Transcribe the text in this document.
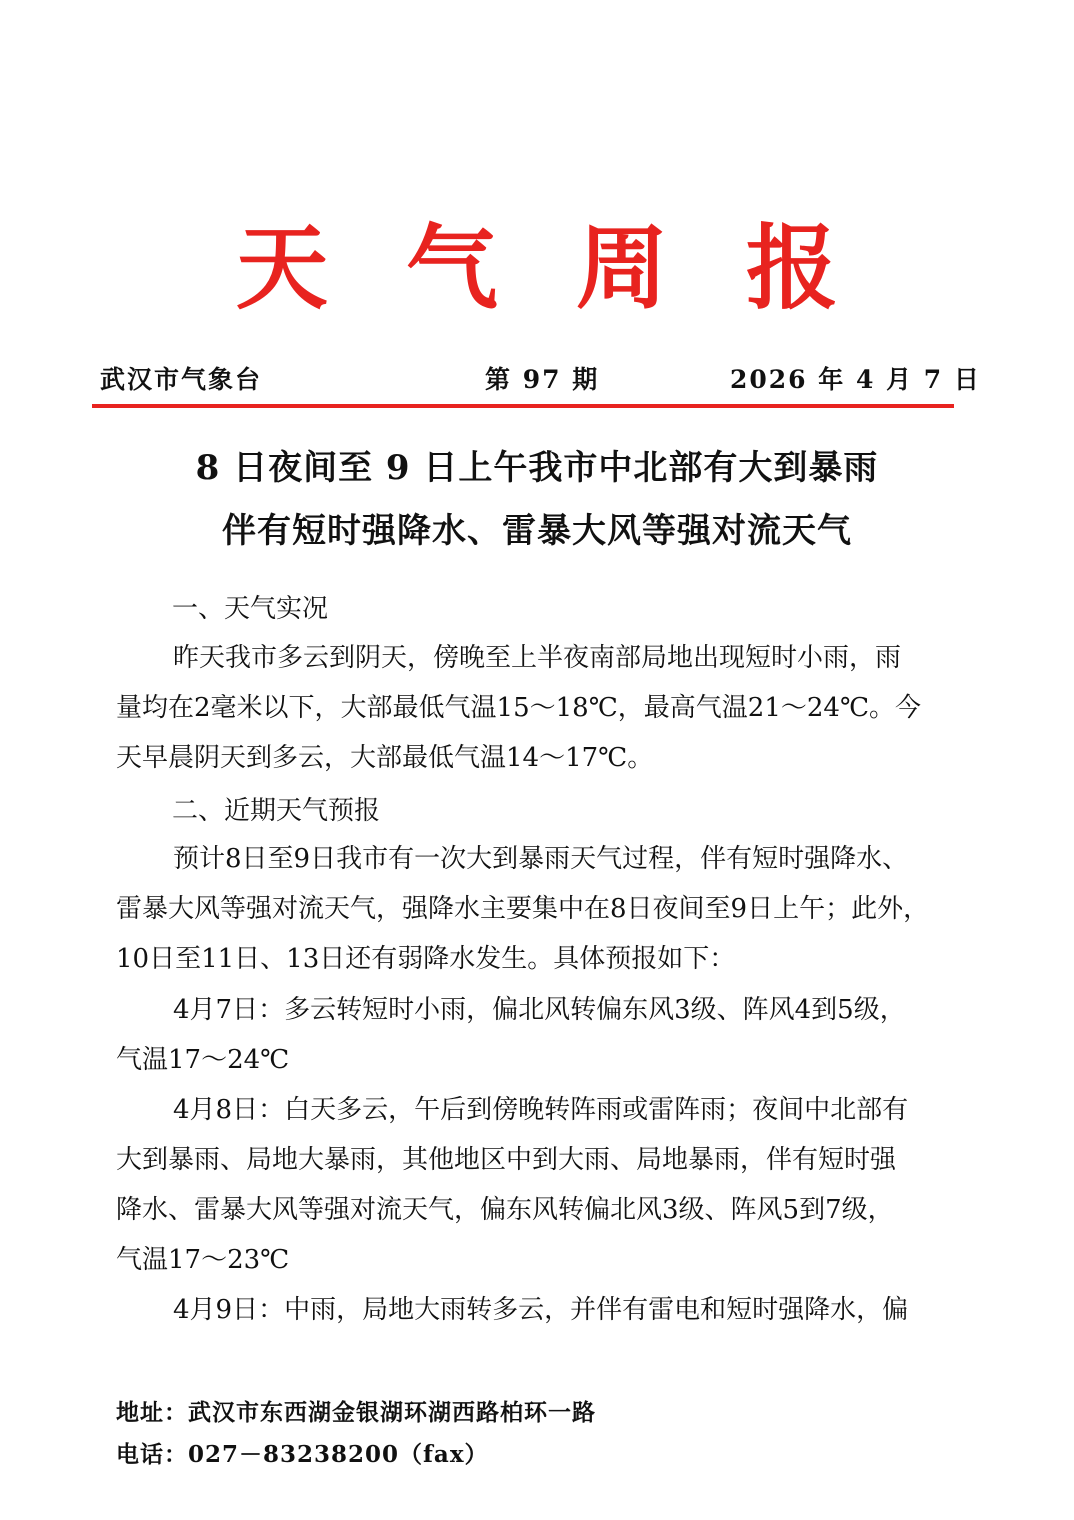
天 气 周 报
武汉市气象台	第 97 期	2026 年 4 月 7 日
8 日夜间至 9 日上午我市中北部有大到暴雨
伴有短时强降水、雷暴大风等强对流天气
一、天气实况
昨天我市多云到阴天，傍晚至上半夜南部局地出现短时小雨，雨
量均在2毫米以下，大部最低气温15～18℃，最高气温21～24℃。今
天早晨阴天到多云，大部最低气温14～17℃。
二、近期天气预报
预计8日至9日我市有一次大到暴雨天气过程，伴有短时强降水、
雷暴大风等强对流天气，强降水主要集中在8日夜间至9日上午；此外，
10日至11日、13日还有弱降水发生。具体预报如下：
4月7日：多云转短时小雨，偏北风转偏东风3级、阵风4到5级，
气温17～24℃
4月8日：白天多云，午后到傍晚转阵雨或雷阵雨；夜间中北部有
大到暴雨、局地大暴雨，其他地区中到大雨、局地暴雨，伴有短时强
降水、雷暴大风等强对流天气，偏东风转偏北风3级、阵风5到7级，
气温17～23℃
4月9日：中雨，局地大雨转多云，并伴有雷电和短时强降水，偏
地址：武汉市东西湖金银湖环湖西路柏环一路
电话：027－83238200（fax）
